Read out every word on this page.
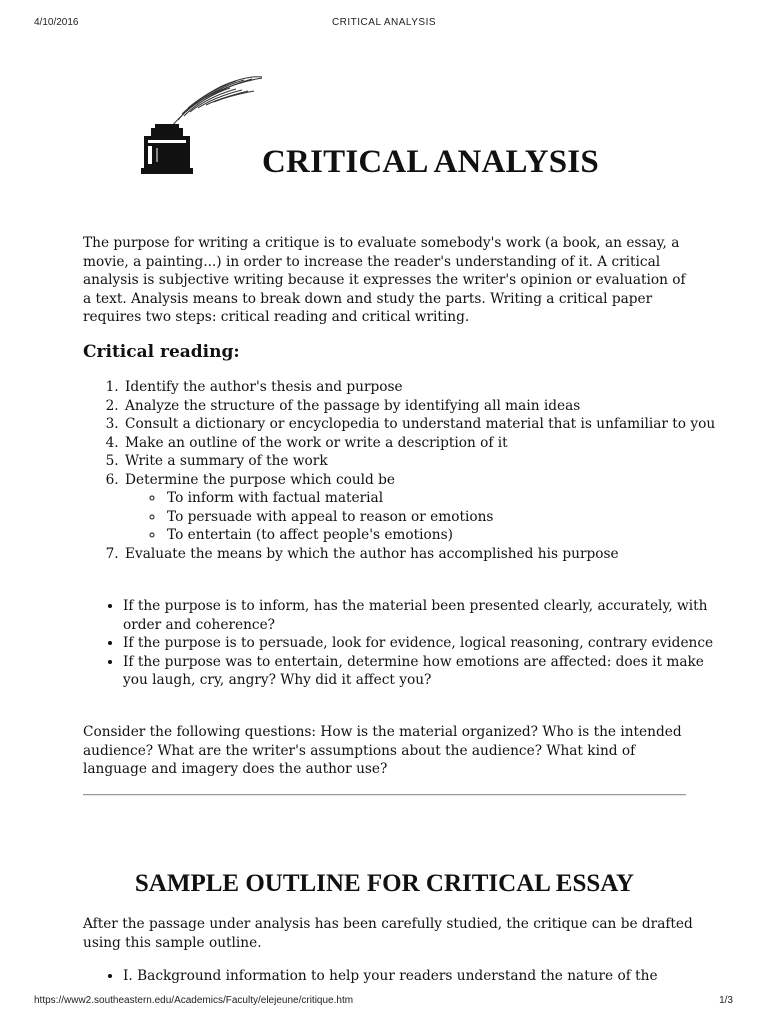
4/10/2016	CRITICAL ANALYSIS
CRITICAL ANALYSIS

The purpose for writing a critique is to evaluate somebody's work (a book, an essay, a movie, a painting...) in order to increase the reader's understanding of it. A critical analysis is subjective writing because it expresses the writer's opinion or evaluation of a text. Analysis means to break down and study the parts. Writing a critical paper requires two steps: critical reading and critical writing.

Critical reading:
1. Identify the author's thesis and purpose
2. Analyze the structure of the passage by identifying all main ideas
3. Consult a dictionary or encyclopedia to understand material that is unfamiliar to you
4. Make an outline of the work or write a description of it
5. Write a summary of the work
6. Determine the purpose which could be
◦ To inform with factual material
◦ To persuade with appeal to reason or emotions
◦ To entertain (to affect people's emotions)
7. Evaluate the means by which the author has accomplished his purpose
• If the purpose is to inform, has the material been presented clearly, accurately, with order and coherence?
• If the purpose is to persuade, look for evidence, logical reasoning, contrary evidence
• If the purpose was to entertain, determine how emotions are affected: does it make you laugh, cry, angry? Why did it affect you?

Consider the following questions: How is the material organized? Who is the intended audience? What are the writer's assumptions about the audience? What kind of language and imagery does the author use?

SAMPLE OUTLINE FOR CRITICAL ESSAY

After the passage under analysis has been carefully studied, the critique can be drafted using this sample outline.

• I. Background information to help your readers understand the nature of the
https://www2.southeastern.edu/Academics/Faculty/elejeune/critique.htm	1/3
